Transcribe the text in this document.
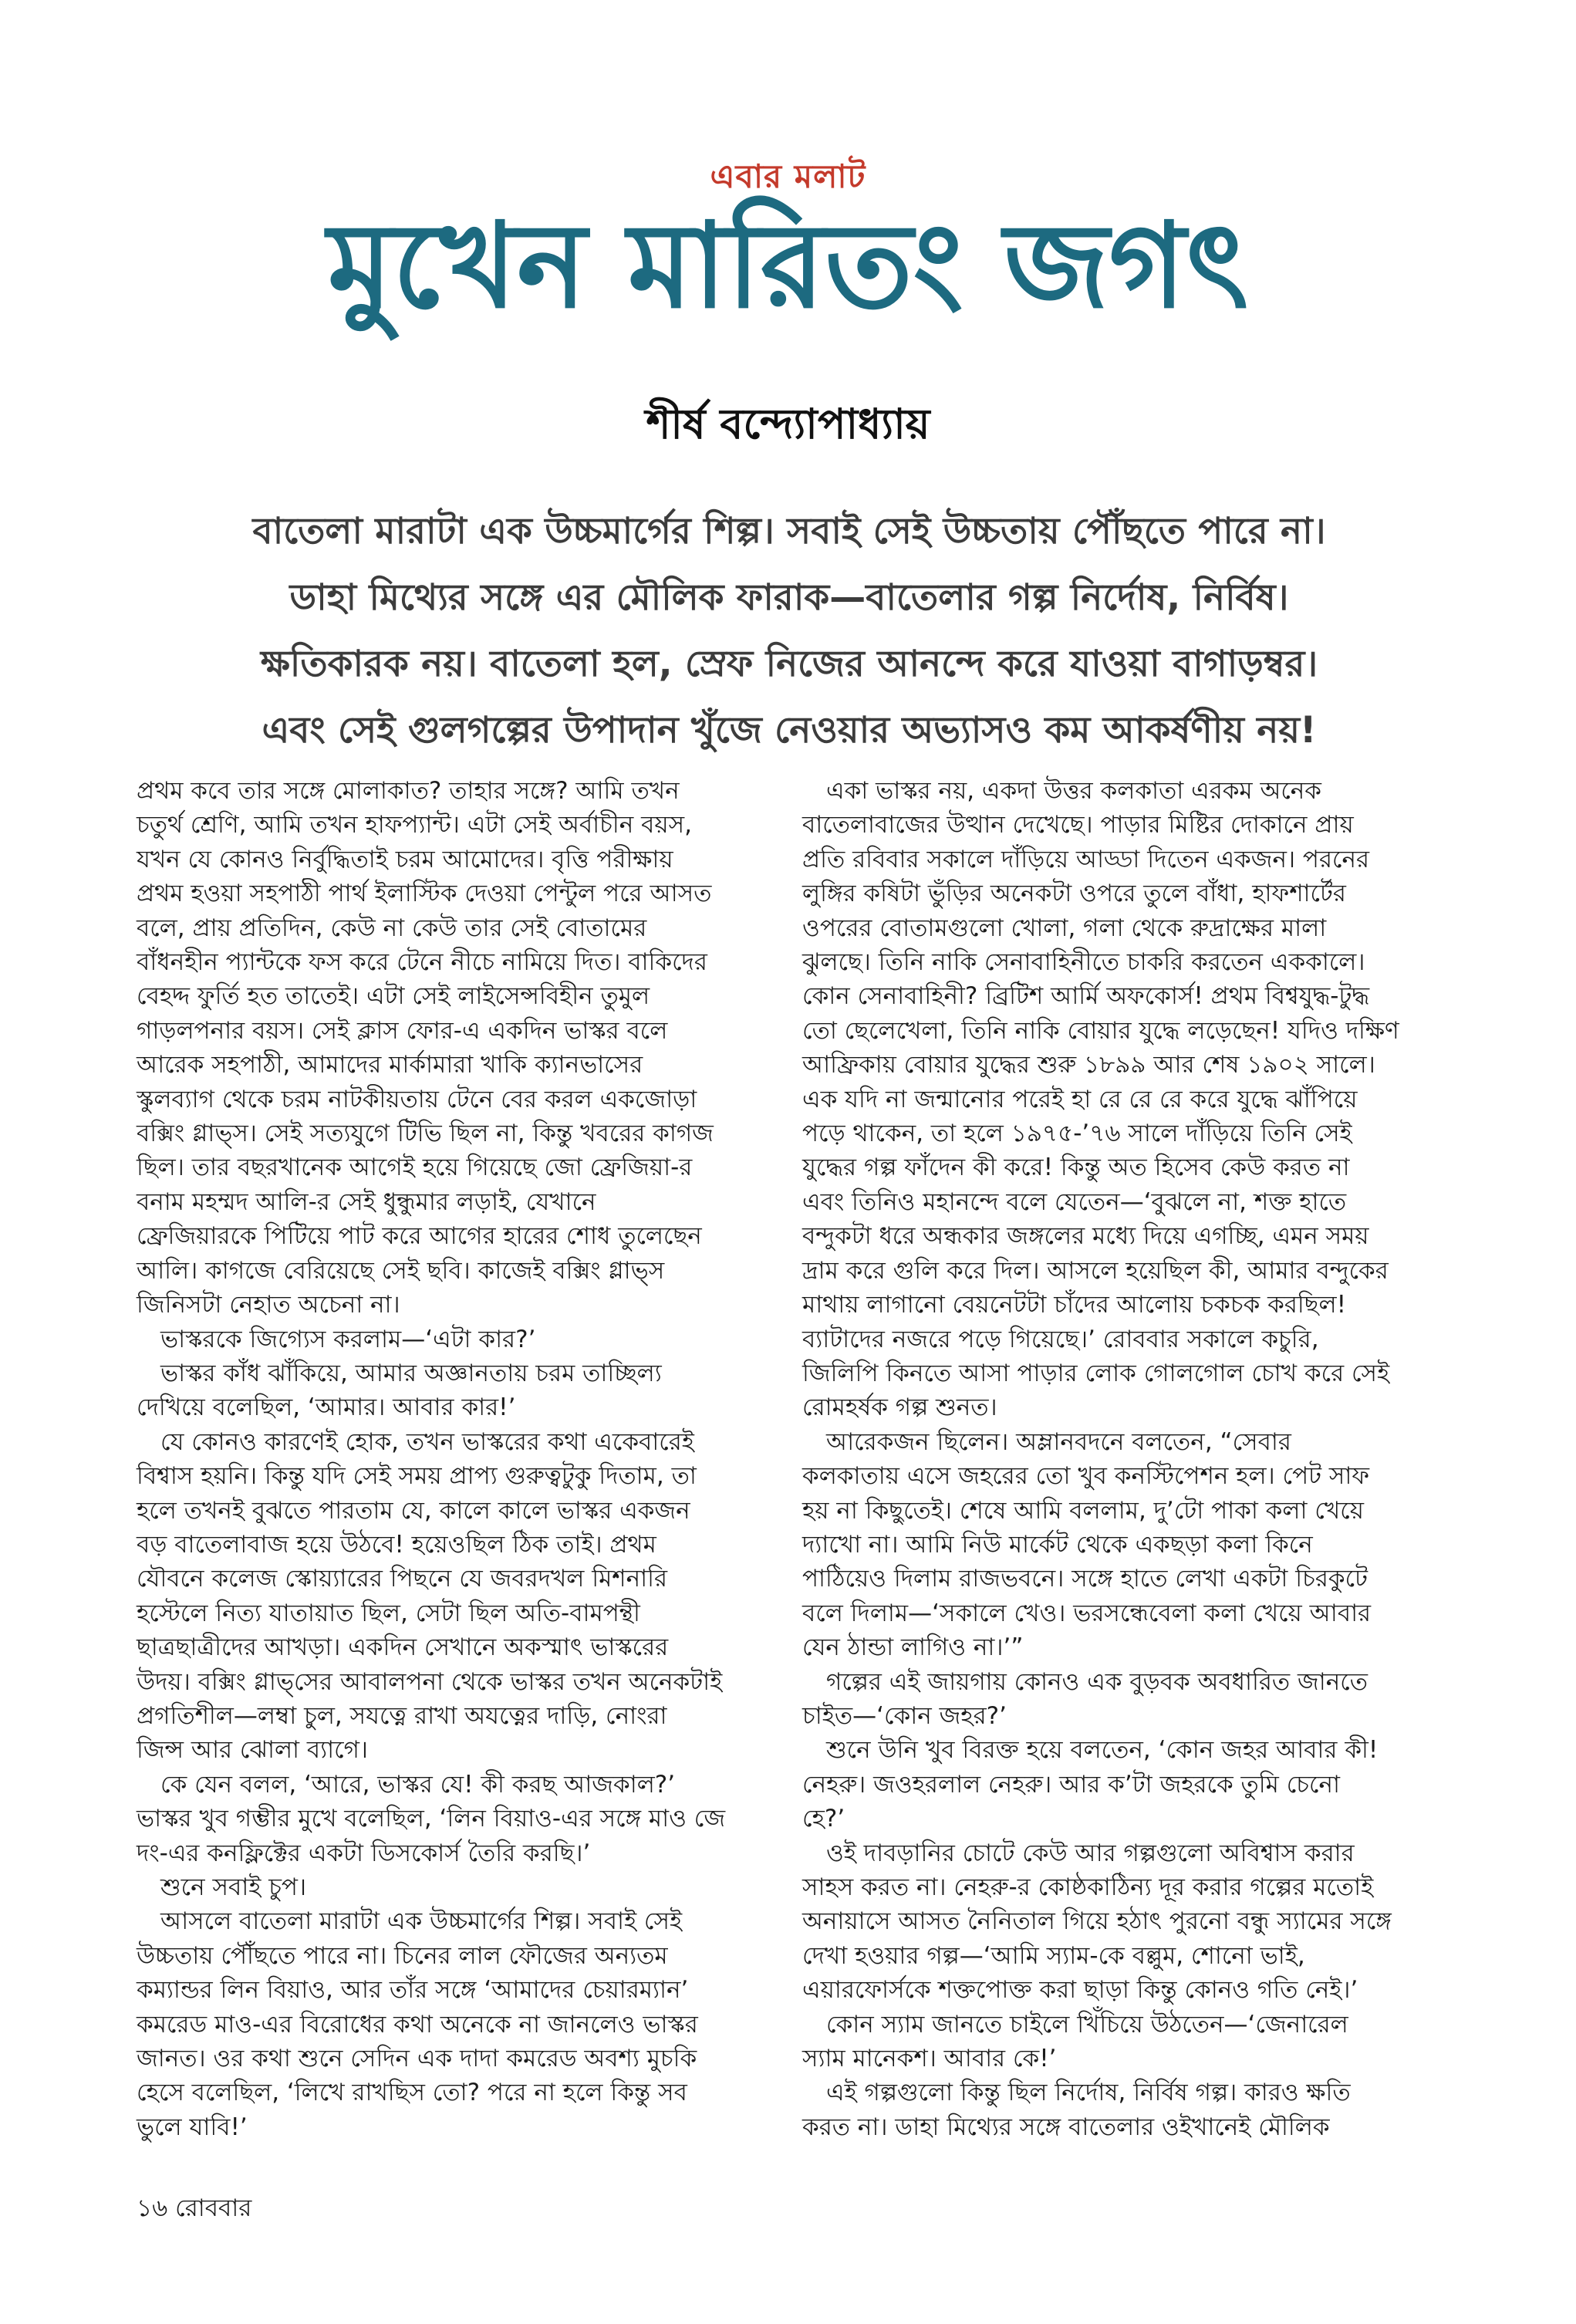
এবার মলাট
মুখেন মারিতং জগৎ
শীর্ষ বন্দ্যোপাধ্যায়
বাতেলা মারাটা এক উচ্চমার্গের শিল্প। সবাই সেই উচ্চতায় পৌঁছতে পারে না।
ডাহা মিথ্যের সঙ্গে এর মৌলিক ফারাক—বাতেলার গল্প নির্দোষ, নির্বিষ।
ক্ষতিকারক নয়। বাতেলা হল, স্রেফ নিজের আনন্দে করে যাওয়া বাগাড়ম্বর।
এবং সেই গুলগল্পের উপাদান খুঁজে নেওয়ার অভ্যাসও কম আকর্ষণীয় নয়!
প্রথম কবে তার সঙ্গে মোলাকাত? তাহার সঙ্গে? আমি তখন
চতুর্থ শ্রেণি, আমি তখন হাফপ্যান্ট। এটা সেই অর্বাচীন বয়স,
যখন যে কোনও নির্বুদ্ধিতাই চরম আমোদের। বৃত্তি পরীক্ষায়
প্রথম হওয়া সহপাঠী পার্থ ইলাস্টিক দেওয়া পেন্টুল পরে আসত
বলে, প্রায় প্রতিদিন, কেউ না কেউ তার সেই বোতামের
বাঁধনহীন প্যান্টকে ফস করে টেনে নীচে নামিয়ে দিত। বাকিদের
বেহদ্দ ফুর্তি হত তাতেই। এটা সেই লাইসেন্সবিহীন তুমুল
গাড়লপনার বয়স। সেই ক্লাস ফোর-এ একদিন ভাস্কর বলে
আরেক সহপাঠী, আমাদের মার্কামারা খাকি ক্যানভাসের
স্কুলব্যাগ থেকে চরম নাটকীয়তায় টেনে বের করল একজোড়া
বক্সিং গ্লাভ্‌স। সেই সত্যযুগে টিভি ছিল না, কিন্তু খবরের কাগজ
ছিল। তার বছরখানেক আগেই হয়ে গিয়েছে জো ফ্রেজিয়া-র
বনাম মহম্মদ আলি-র সেই ধুন্ধুমার লড়াই, যেখানে
ফ্রেজিয়ারকে পিটিয়ে পাট করে আগের হারের শোধ তুলেছেন
আলি। কাগজে বেরিয়েছে সেই ছবি। কাজেই বক্সিং গ্লাভ্‌স
জিনিসটা নেহাত অচেনা না।
 ভাস্করকে জিগ্যেস করলাম—‘এটা কার?’
 ভাস্কর কাঁধ ঝাঁকিয়ে, আমার অজ্ঞানতায় চরম তাচ্ছিল্য
দেখিয়ে বলেছিল, ‘আমার। আবার কার!’
 যে কোনও কারণেই হোক, তখন ভাস্করের কথা একেবারেই
বিশ্বাস হয়নি। কিন্তু যদি সেই সময় প্রাপ্য গুরুত্বটুকু দিতাম, তা
হলে তখনই বুঝতে পারতাম যে, কালে কালে ভাস্কর একজন
বড় বাতেলাবাজ হয়ে উঠবে! হয়েওছিল ঠিক তাই। প্রথম
যৌবনে কলেজ স্কোয়্যারের পিছনে যে জবরদখল মিশনারি
হস্টেলে নিত্য যাতায়াত ছিল, সেটা ছিল অতি-বামপন্থী
ছাত্রছাত্রীদের আখড়া। একদিন সেখানে অকস্মাৎ ভাস্করের
উদয়। বক্সিং গ্লাভ্‌সের আবালপনা থেকে ভাস্কর তখন অনেকটাই
প্রগতিশীল—লম্বা চুল, সযত্নে রাখা অযত্নের দাড়ি, নোংরা
জিন্স আর ঝোলা ব্যাগে।
 কে যেন বলল, ‘আরে, ভাস্কর যে! কী করছ আজকাল?’
ভাস্কর খুব গম্ভীর মুখে বলেছিল, ‘লিন বিয়াও-এর সঙ্গে মাও জে
দং-এর কনফ্লিক্টের একটা ডিসকোর্স তৈরি করছি।’
 শুনে সবাই চুপ।
 আসলে বাতেলা মারাটা এক উচ্চমার্গের শিল্প। সবাই সেই
উচ্চতায় পৌঁছতে পারে না। চিনের লাল ফৌজের অন্যতম
কম্যান্ডর লিন বিয়াও, আর তাঁর সঙ্গে ‘আমাদের চেয়ারম্যান’
কমরেড মাও-এর বিরোধের কথা অনেকে না জানলেও ভাস্কর
জানত। ওর কথা শুনে সেদিন এক দাদা কমরেড অবশ্য মুচকি
হেসে বলেছিল, ‘লিখে রাখছিস তো? পরে না হলে কিন্তু সব
ভুলে যাবি!’
 একা ভাস্কর নয়, একদা উত্তর কলকাতা এরকম অনেক
বাতেলাবাজের উত্থান দেখেছে। পাড়ার মিষ্টির দোকানে প্রায়
প্রতি রবিবার সকালে দাঁড়িয়ে আড্ডা দিতেন একজন। পরনের
লুঙ্গির কষিটা ভুঁড়ির অনেকটা ওপরে তুলে বাঁধা, হাফশার্টের
ওপরের বোতামগুলো খোলা, গলা থেকে রুদ্রাক্ষের মালা
ঝুলছে। তিনি নাকি সেনাবাহিনীতে চাকরি করতেন এককালে।
কোন সেনাবাহিনী? ব্রিটিশ আর্মি অফকোর্স! প্রথম বিশ্বযুদ্ধ-টুদ্ধ
তো ছেলেখেলা, তিনি নাকি বোয়ার যুদ্ধে লড়েছেন! যদিও দক্ষিণ
আফ্রিকায় বোয়ার যুদ্ধের শুরু ১৮৯৯ আর শেষ ১৯০২ সালে।
এক যদি না জন্মানোর পরেই হা রে রে রে করে যুদ্ধে ঝাঁপিয়ে
পড়ে থাকেন, তা হলে ১৯৭৫-’৭৬ সালে দাঁড়িয়ে তিনি সেই
যুদ্ধের গল্প ফাঁদেন কী করে! কিন্তু অত হিসেব কেউ করত না
এবং তিনিও মহানন্দে বলে যেতেন—‘বুঝলে না, শক্ত হাতে
বন্দুকটা ধরে অন্ধকার জঙ্গলের মধ্যে দিয়ে এগচ্ছি, এমন সময়
দ্রাম করে গুলি করে দিল। আসলে হয়েছিল কী, আমার বন্দুকের
মাথায় লাগানো বেয়নেটটা চাঁদের আলোয় চকচক করছিল!
ব্যাটাদের নজরে পড়ে গিয়েছে।’ রোববার সকালে কচুরি,
জিলিপি কিনতে আসা পাড়ার লোক গোলগোল চোখ করে সেই
রোমহর্ষক গল্প শুনত।
 আরেকজন ছিলেন। অম্লানবদনে বলতেন, “সেবার
কলকাতায় এসে জহরের তো খুব কনস্টিপেশন হল। পেট সাফ
হয় না কিছুতেই। শেষে আমি বললাম, দু’টো পাকা কলা খেয়ে
দ্যাখো না। আমি নিউ মার্কেট থেকে একছড়া কলা কিনে
পাঠিয়েও দিলাম রাজভবনে। সঙ্গে হাতে লেখা একটা চিরকুটে
বলে দিলাম—‘সকালে খেও। ভরসন্ধেবেলা কলা খেয়ে আবার
যেন ঠান্ডা লাগিও না।’”
 গল্পের এই জায়গায় কোনও এক বুড়বক অবধারিত জানতে
চাইত—‘কোন জহর?’
 শুনে উনি খুব বিরক্ত হয়ে বলতেন, ‘কোন জহর আবার কী!
নেহরু। জওহরলাল নেহরু। আর ক’টা জহরকে তুমি চেনো
হে?’
 ওই দাবড়ানির চোটে কেউ আর গল্পগুলো অবিশ্বাস করার
সাহস করত না। নেহরু-র কোষ্ঠকাঠিন্য দূর করার গল্পের মতোই
অনায়াসে আসত নৈনিতাল গিয়ে হঠাৎ পুরনো বন্ধু স্যামের সঙ্গে
দেখা হওয়ার গল্প—‘আমি স্যাম-কে বল্লুম, শোনো ভাই,
এয়ারফোর্সকে শক্তপোক্ত করা ছাড়া কিন্তু কোনও গতি নেই।’
 কোন স্যাম জানতে চাইলে খিঁচিয়ে উঠতেন—‘জেনারেল
স্যাম মানেকশ। আবার কে!’
 এই গল্পগুলো কিন্তু ছিল নির্দোষ, নির্বিষ গল্প। কারও ক্ষতি
করত না। ডাহা মিথ্যের সঙ্গে বাতেলার ওইখানেই মৌলিক
১৬ রোববার
